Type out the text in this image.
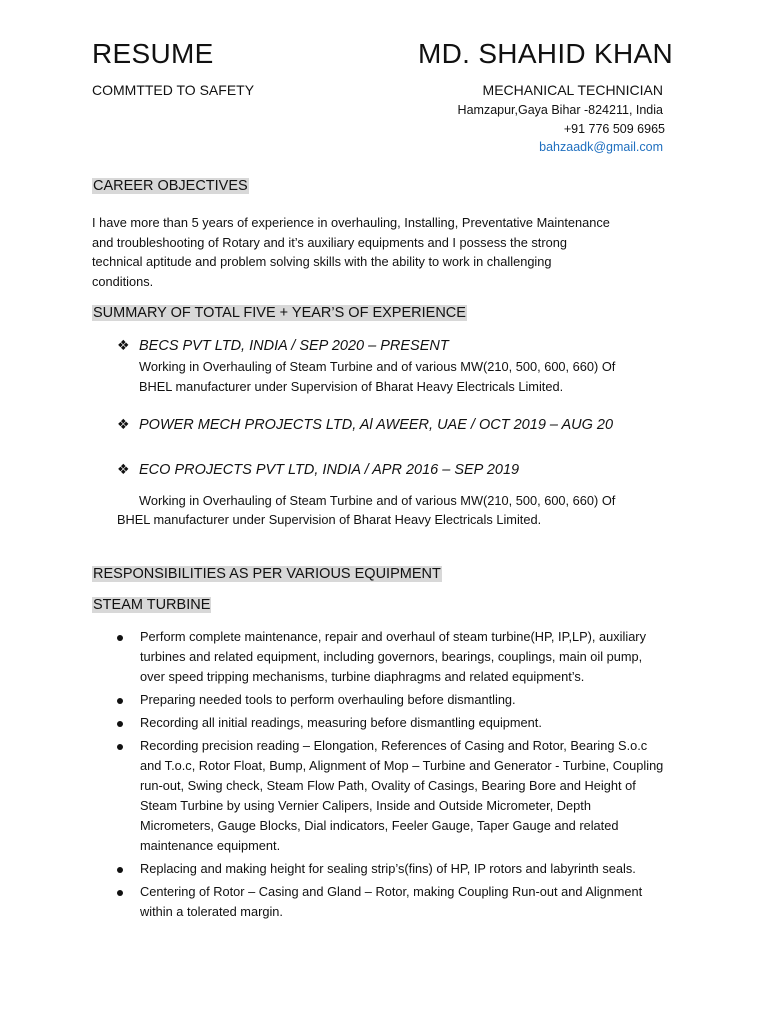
RESUME
COMMTTED TO SAFETY
MD. SHAHID KHAN
MECHANICAL TECHNICIAN
Hamzapur,Gaya Bihar -824211, India
+91 776 509 6965
bahzaadk@gmail.com
CAREER OBJECTIVES
I have more than 5 years of experience in overhauling, Installing, Preventative Maintenance
and troubleshooting of Rotary and it’s auxiliary equipments and I possess the strong
technical aptitude and problem solving skills with the ability to work in challenging
conditions.
SUMMARY OF TOTAL FIVE + YEAR’S OF EXPERIENCE
❖ BECS PVT LTD, INDIA / SEP 2020 – PRESENT
Working in Overhauling of Steam Turbine and of various MW(210, 500, 600, 660) Of
BHEL manufacturer under Supervision of Bharat Heavy Electricals Limited.
❖ POWER MECH PROJECTS LTD, Al AWEER, UAE / OCT 2019 – AUG 20
❖ ECO PROJECTS PVT LTD, INDIA / APR 2016 – SEP 2019
Working in Overhauling of Steam Turbine and of various MW(210, 500, 600, 660) Of
BHEL manufacturer under Supervision of Bharat Heavy Electricals Limited.
RESPONSIBILITIES AS PER VARIOUS EQUIPMENT
STEAM TURBINE
Perform complete maintenance, repair and overhaul of steam turbine(HP, IP,LP), auxiliary turbines and related equipment, including governors, bearings, couplings, main oil pump, over speed tripping mechanisms, turbine diaphragms and related equipment’s.
Preparing needed tools to perform overhauling before dismantling.
Recording all initial readings, measuring before dismantling equipment.
Recording precision reading – Elongation, References of Casing and Rotor, Bearing S.o.c and T.o.c, Rotor Float, Bump, Alignment of Mop – Turbine and Generator - Turbine, Coupling run-out, Swing check, Steam Flow Path, Ovality of Casings, Bearing Bore and Height of Steam Turbine by using Vernier Calipers, Inside and Outside Micrometer, Depth Micrometers, Gauge Blocks, Dial indicators, Feeler Gauge, Taper Gauge and related maintenance equipment.
Replacing and making height for sealing strip’s(fins) of HP, IP rotors and labyrinth seals.
Centering of Rotor – Casing and Gland – Rotor, making Coupling Run-out and Alignment within a tolerated margin.
